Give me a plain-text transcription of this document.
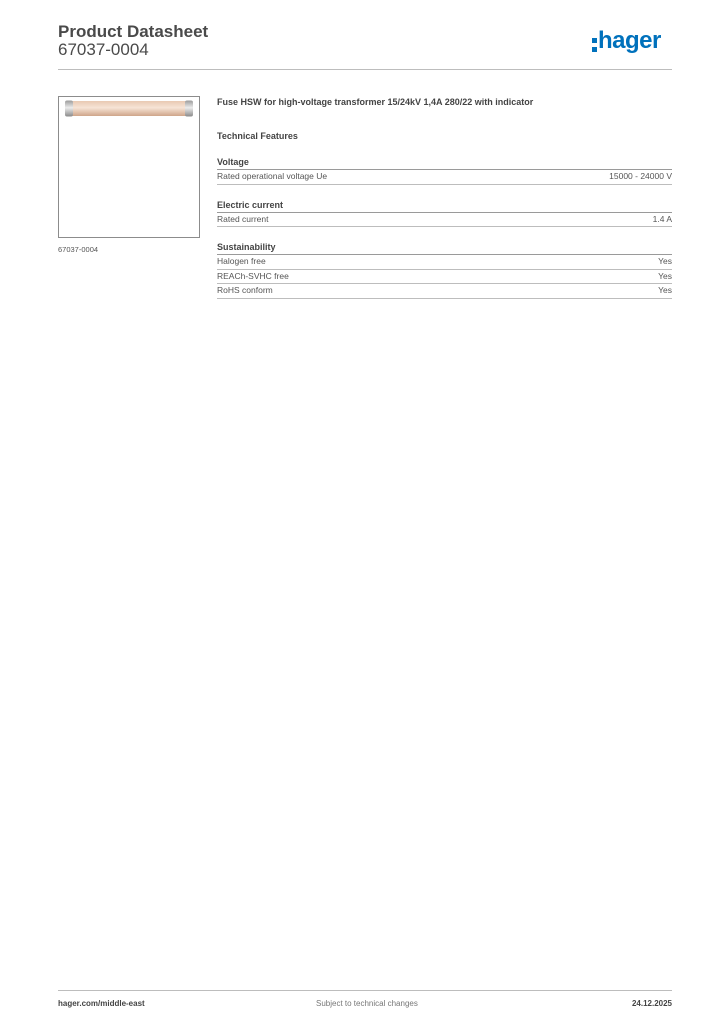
Product Datasheet
67037-0004	hager
67037-0004
Fuse HSW for high-voltage transformer 15/24kV 1,4A 280/22 with indicator
Technical Features
Voltage
Rated operational voltage Ue	15000 - 24000 V
Electric current
Rated current	1.4 A
Sustainability
Halogen free	Yes
REACh-SVHC free	Yes
RoHS conform	Yes
hager.com/middle-east	Subject to technical changes	24.12.2025
